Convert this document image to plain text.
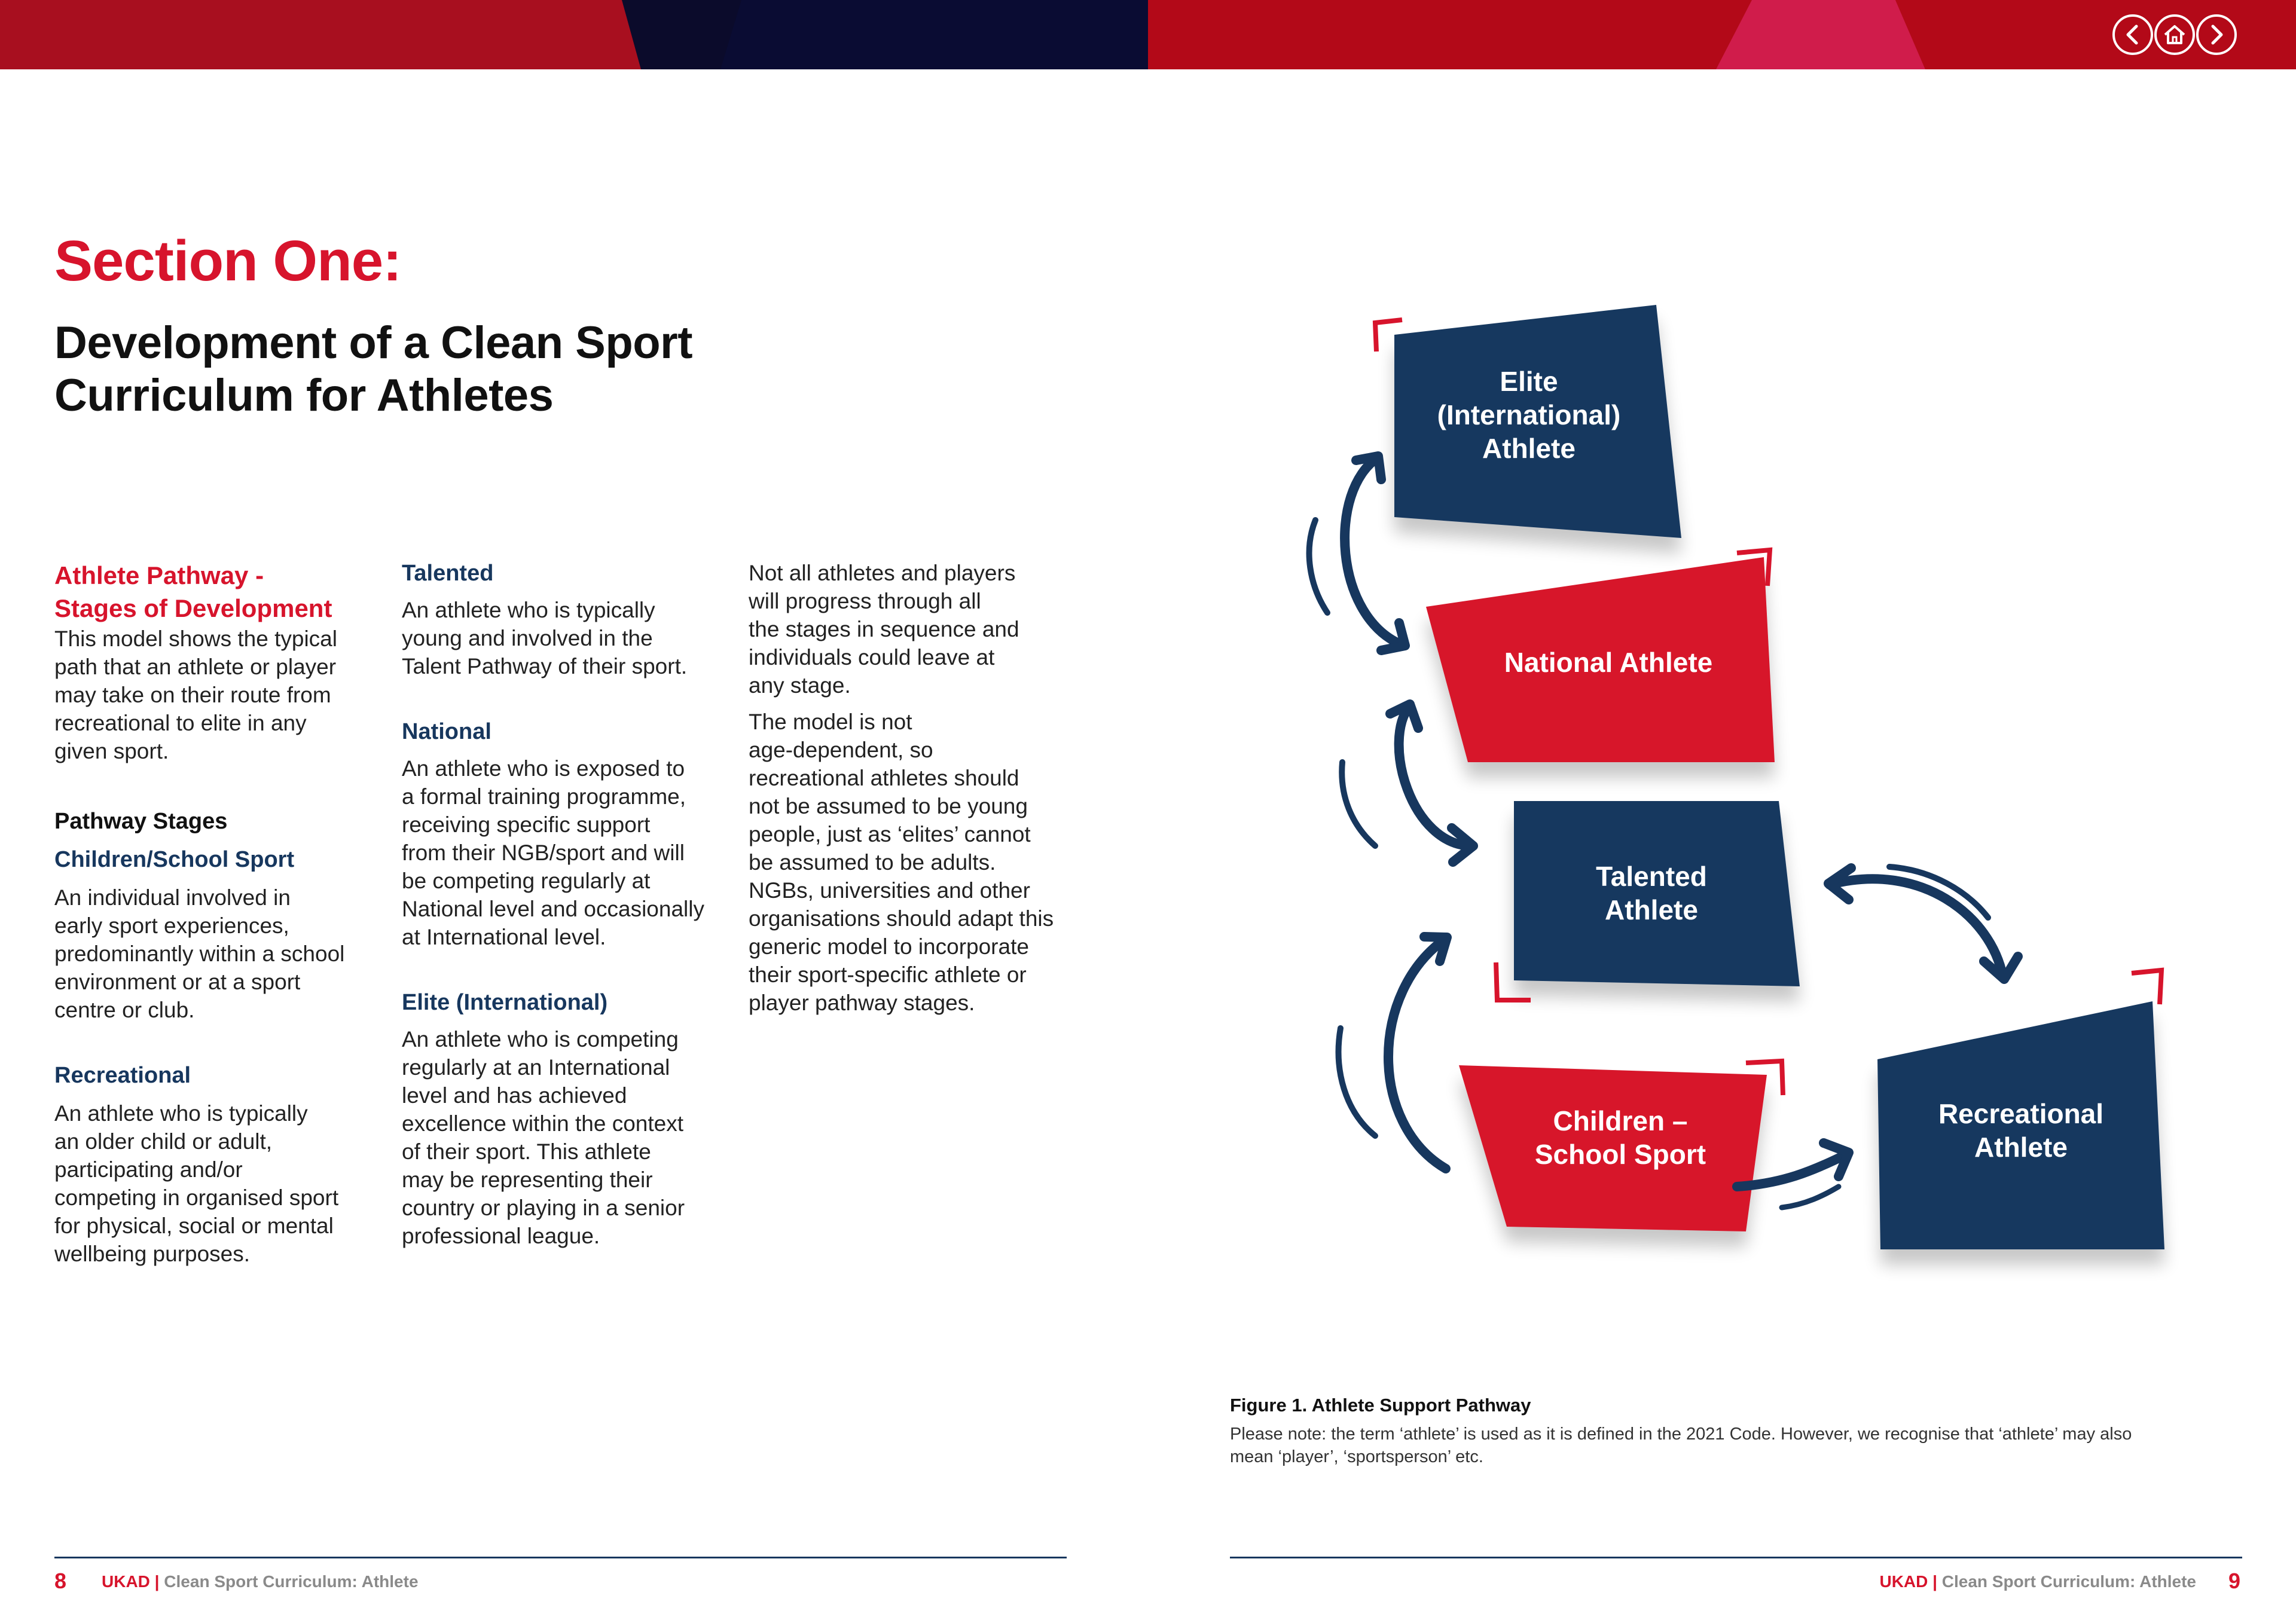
Section One:
Development of a Clean Sport
Curriculum for Athletes

Athlete Pathway -

Stages of Development

This model shows the typical

path that an athlete or player

may take on their route from

recreational to elite in any

given sport.

Pathway Stages

Children/School Sport

An individual involved in

early sport experiences,

predominantly within a school

environment or at a sport

centre or club.

Recreational

An athlete who is typically

an older child or adult,

participating and/or

competing in organised sport

for physical, social or mental

wellbeing purposes.

Talented

An athlete who is typically

young and involved in the

Talent Pathway of their sport.

National

An athlete who is exposed to

a formal training programme,

receiving specific support

from their NGB/sport and will

be competing regularly at

National level and occasionally

at International level.

Elite (International)

An athlete who is competing

regularly at an International

level and has achieved

excellence within the context

of their sport. This athlete

may be representing their

country or playing in a senior

professional league.

Not all athletes and players

will progress through all

the stages in sequence and

individuals could leave at

any stage.

The model is not

age-dependent, so

recreational athletes should

not be assumed to be young

people, just as ‘elites’ cannot

be assumed to be adults.

NGBs, universities and other

organisations should adapt this

generic model to incorporate

their sport-specific athlete or

player pathway stages.

Elite
(International)
Athlete
National Athlete
Talented
Athlete
Children –
School Sport
Recreational
Athlete
Figure 1. Athlete Support Pathway
Please note: the term ‘athlete’ is used as it is defined in the 2021 Code. However, we recognise that ‘athlete’ may also
mean ‘player’, ‘sportsperson’ etc.
8 UKAD | Clean Sport Curriculum: Athlete	UKAD | Clean Sport Curriculum: Athlete 9
